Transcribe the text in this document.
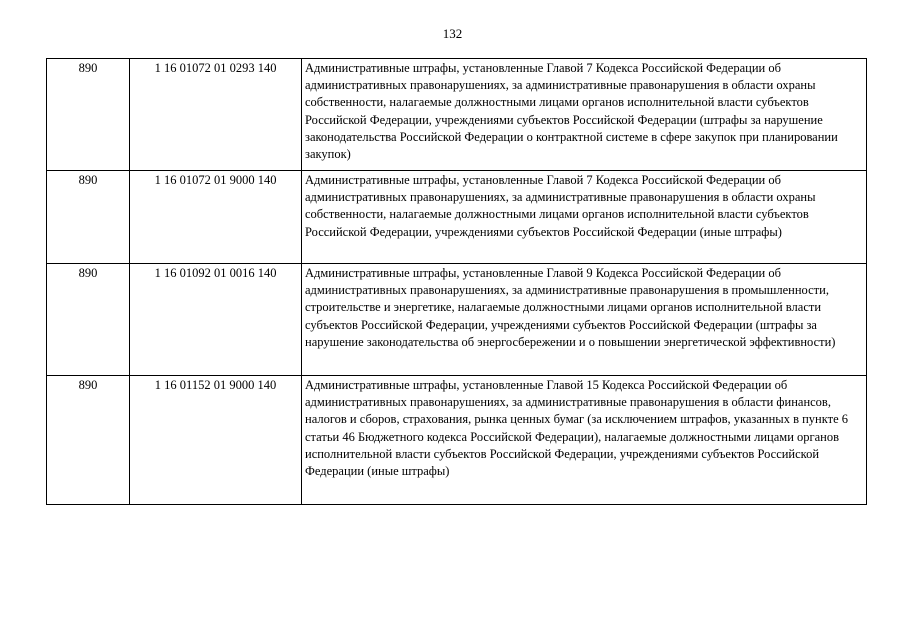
132
890	1 16 01072 01 0293 140	Административные штрафы, установленные Главой 7 Кодекса Российской Федерации об административных правонарушениях, за административные правонарушения в области охраны собственности, налагаемые должностными лицами органов исполнительной власти субъектов Российской Федерации, учреждениями субъектов Российской Федерации (штрафы за нарушение законодательства Российской Федерации о контрактной системе в сфере закупок при планировании закупок)
890	1 16 01072 01 9000 140	Административные штрафы, установленные Главой 7 Кодекса Российской Федерации об административных правонарушениях, за административные правонарушения в области охраны собственности, налагаемые должностными лицами органов исполнительной власти субъектов Российской Федерации, учреждениями субъектов Российской Федерации (иные штрафы)
890	1 16 01092 01 0016 140	Административные штрафы, установленные Главой 9 Кодекса Российской Федерации об административных правонарушениях, за административные правонарушения в промышленности, строительстве и энергетике, налагаемые должностными лицами органов исполнительной власти субъектов Российской Федерации, учреждениями субъектов Российской Федерации (штрафы за нарушение законодательства об энергосбережении и о повышении энергетической эффективности)
890	1 16 01152 01 9000 140	Административные штрафы, установленные Главой 15 Кодекса Российской Федерации об административных правонарушениях, за административные правонарушения в области финансов, налогов и сборов, страхования, рынка ценных бумаг (за исключением штрафов, указанных в пункте 6 статьи 46 Бюджетного кодекса Российской Федерации), налагаемые должностными лицами органов исполнительной власти субъектов Российской Федерации, учреждениями субъектов Российской Федерации (иные штрафы)
